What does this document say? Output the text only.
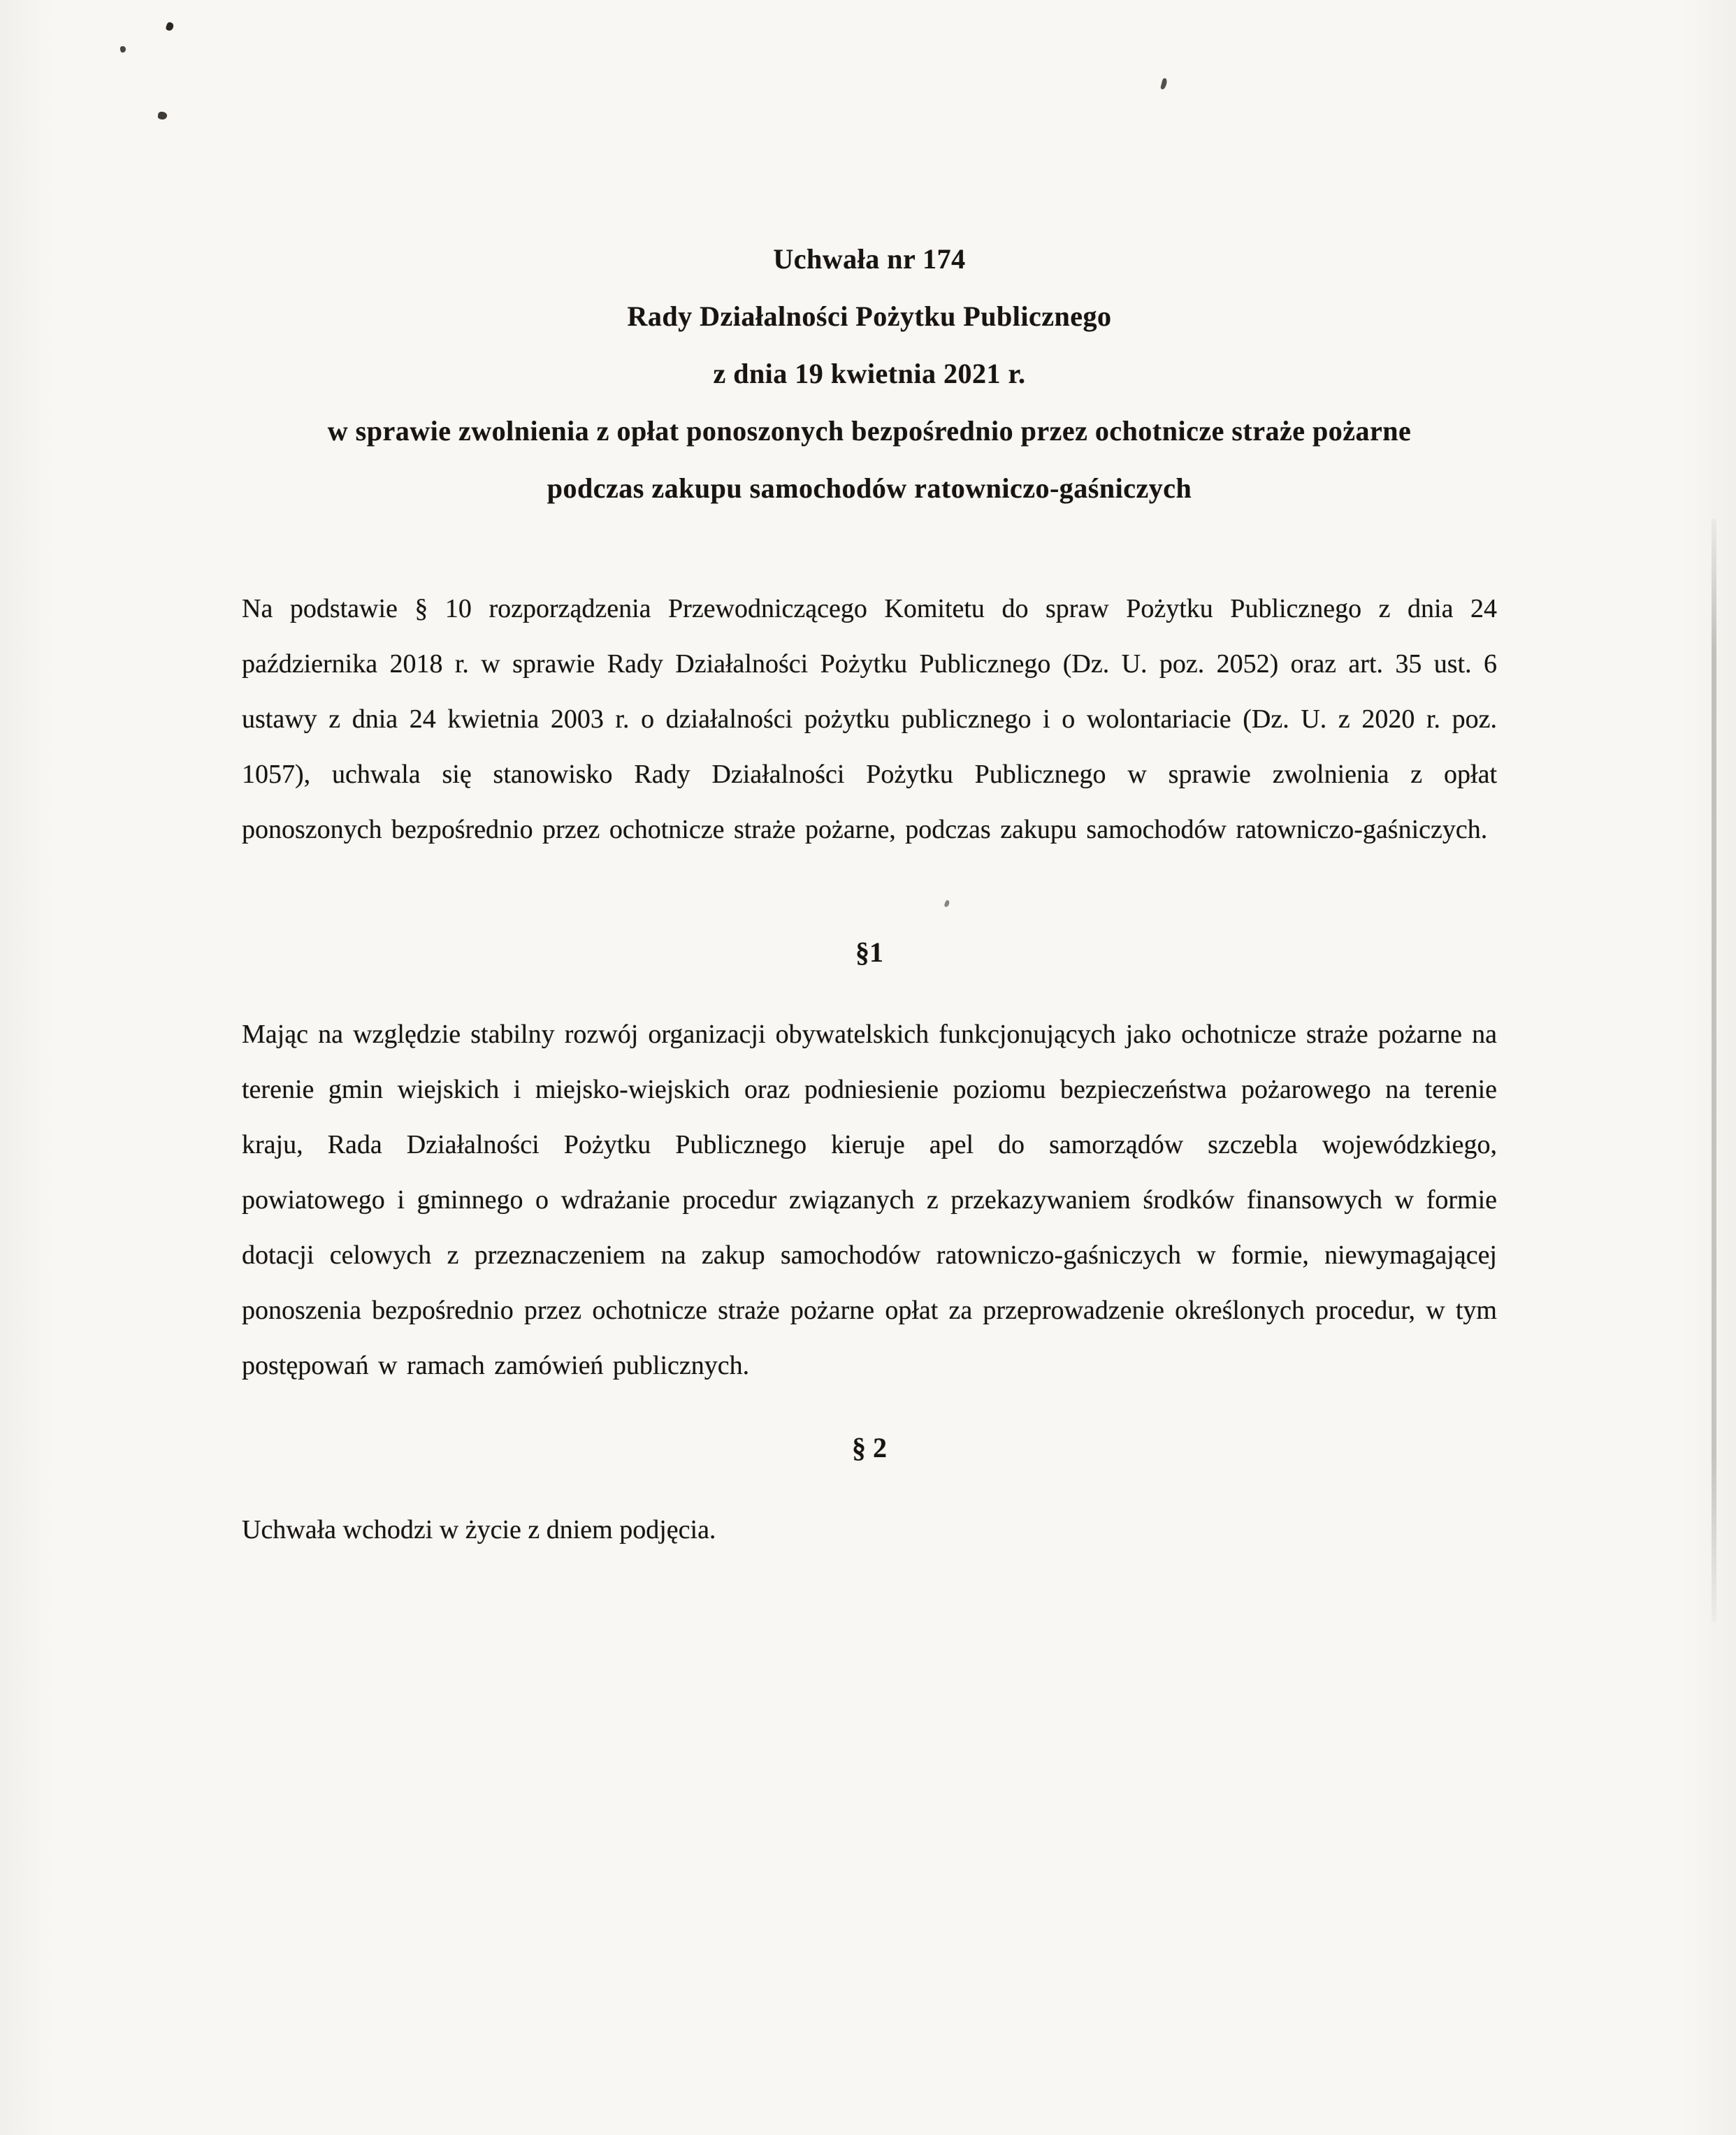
Uchwała nr 174
Rady Działalności Pożytku Publicznego
z dnia 19 kwietnia 2021 r.
w sprawie zwolnienia z opłat ponoszonych bezpośrednio przez ochotnicze straże pożarne
podczas zakupu samochodów ratowniczo-gaśniczych

Na podstawie § 10 rozporządzenia Przewodniczącego Komitetu do spraw Pożytku Publicznego z dnia 24 października 2018 r. w sprawie Rady Działalności Pożytku Publicznego (Dz. U. poz. 2052) oraz art. 35 ust. 6 ustawy z dnia 24 kwietnia 2003 r. o działalności pożytku publicznego i o wolontariacie (Dz. U. z 2020 r. poz. 1057), uchwala się stanowisko Rady Działalności Pożytku Publicznego w sprawie zwolnienia z opłat ponoszonych bezpośrednio przez ochotnicze straże pożarne, podczas zakupu samochodów ratowniczo-gaśniczych.

§1

Mając na względzie stabilny rozwój organizacji obywatelskich funkcjonujących jako ochotnicze straże pożarne na terenie gmin wiejskich i miejsko-wiejskich oraz podniesienie poziomu bezpieczeństwa pożarowego na terenie kraju, Rada Działalności Pożytku Publicznego kieruje apel do samorządów szczebla wojewódzkiego, powiatowego i gminnego o wdrażanie procedur związanych z przekazywaniem środków finansowych w formie dotacji celowych z przeznaczeniem na zakup samochodów ratowniczo-gaśniczych w formie, niewymagającej ponoszenia bezpośrednio przez ochotnicze straże pożarne opłat za przeprowadzenie określonych procedur, w tym postępowań w ramach zamówień publicznych.

§ 2

Uchwała wchodzi w życie z dniem podjęcia.
